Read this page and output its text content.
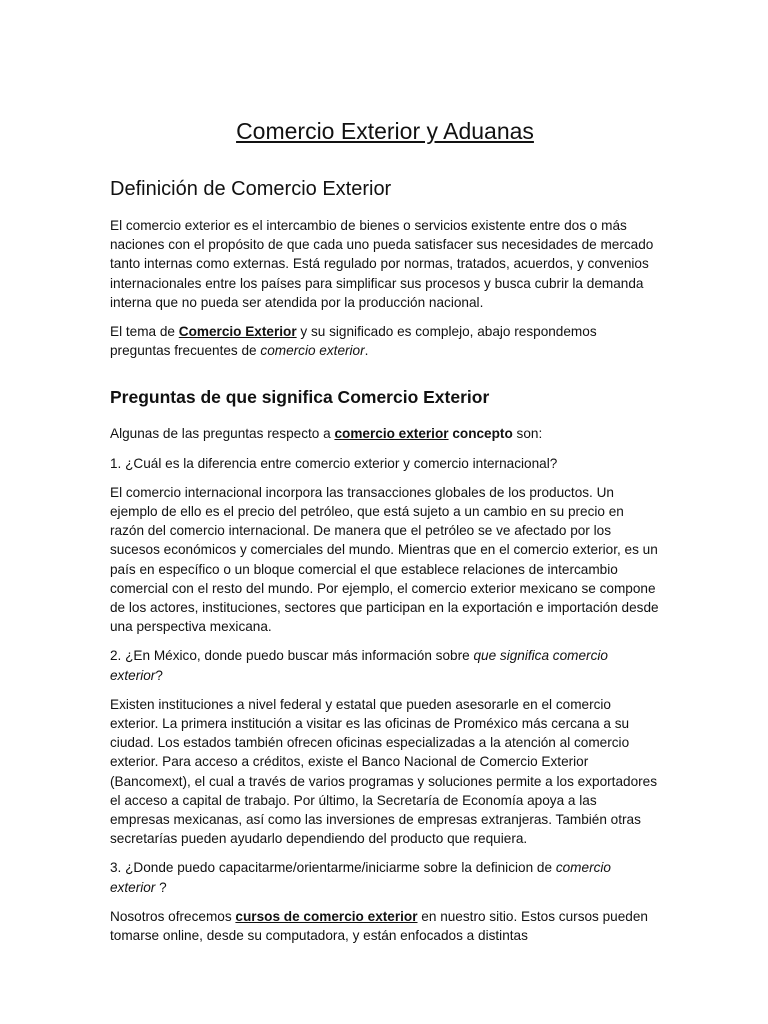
Comercio Exterior y Aduanas
Definición de Comercio Exterior

El comercio exterior es el intercambio de bienes o servicios existente entre dos o más naciones con el propósito de que cada uno pueda satisfacer sus necesidades de mercado tanto internas como externas. Está regulado por normas, tratados, acuerdos, y convenios internacionales entre los países para simplificar sus procesos y busca cubrir la demanda interna que no pueda ser atendida por la producción nacional.

El tema de Comercio Exterior y su significado es complejo, abajo respondemos preguntas frecuentes de comercio exterior.

Preguntas de que significa Comercio Exterior

Algunas de las preguntas respecto a comercio exterior concepto son:

1. ¿Cuál es la diferencia entre comercio exterior y comercio internacional?

El comercio internacional incorpora las transacciones globales de los productos. Un ejemplo de ello es el precio del petróleo, que está sujeto a un cambio en su precio en razón del comercio internacional. De manera que el petróleo se ve afectado por los sucesos económicos y comerciales del mundo. Mientras que en el comercio exterior, es un país en específico o un bloque comercial el que establece relaciones de intercambio comercial con el resto del mundo. Por ejemplo, el comercio exterior mexicano se compone de los actores, instituciones, sectores que participan en la exportación e importación desde una perspectiva mexicana.

2. ¿En México, donde puedo buscar más información sobre que significa comercio exterior?

Existen instituciones a nivel federal y estatal que pueden asesorarle en el comercio exterior. La primera institución a visitar es las oficinas de Proméxico más cercana a su ciudad. Los estados también ofrecen oficinas especializadas a la atención al comercio exterior. Para acceso a créditos, existe el Banco Nacional de Comercio Exterior (Bancomext), el cual a través de varios programas y soluciones permite a los exportadores el acceso a capital de trabajo. Por último, la Secretaría de Economía apoya a las empresas mexicanas, así como las inversiones de empresas extranjeras. También otras secretarías pueden ayudarlo dependiendo del producto que requiera.

3. ¿Donde puedo capacitarme/orientarme/iniciarme sobre la definicion de comercio exterior ?

Nosotros ofrecemos cursos de comercio exterior en nuestro sitio. Estos cursos pueden tomarse online, desde su computadora, y están enfocados a distintas
